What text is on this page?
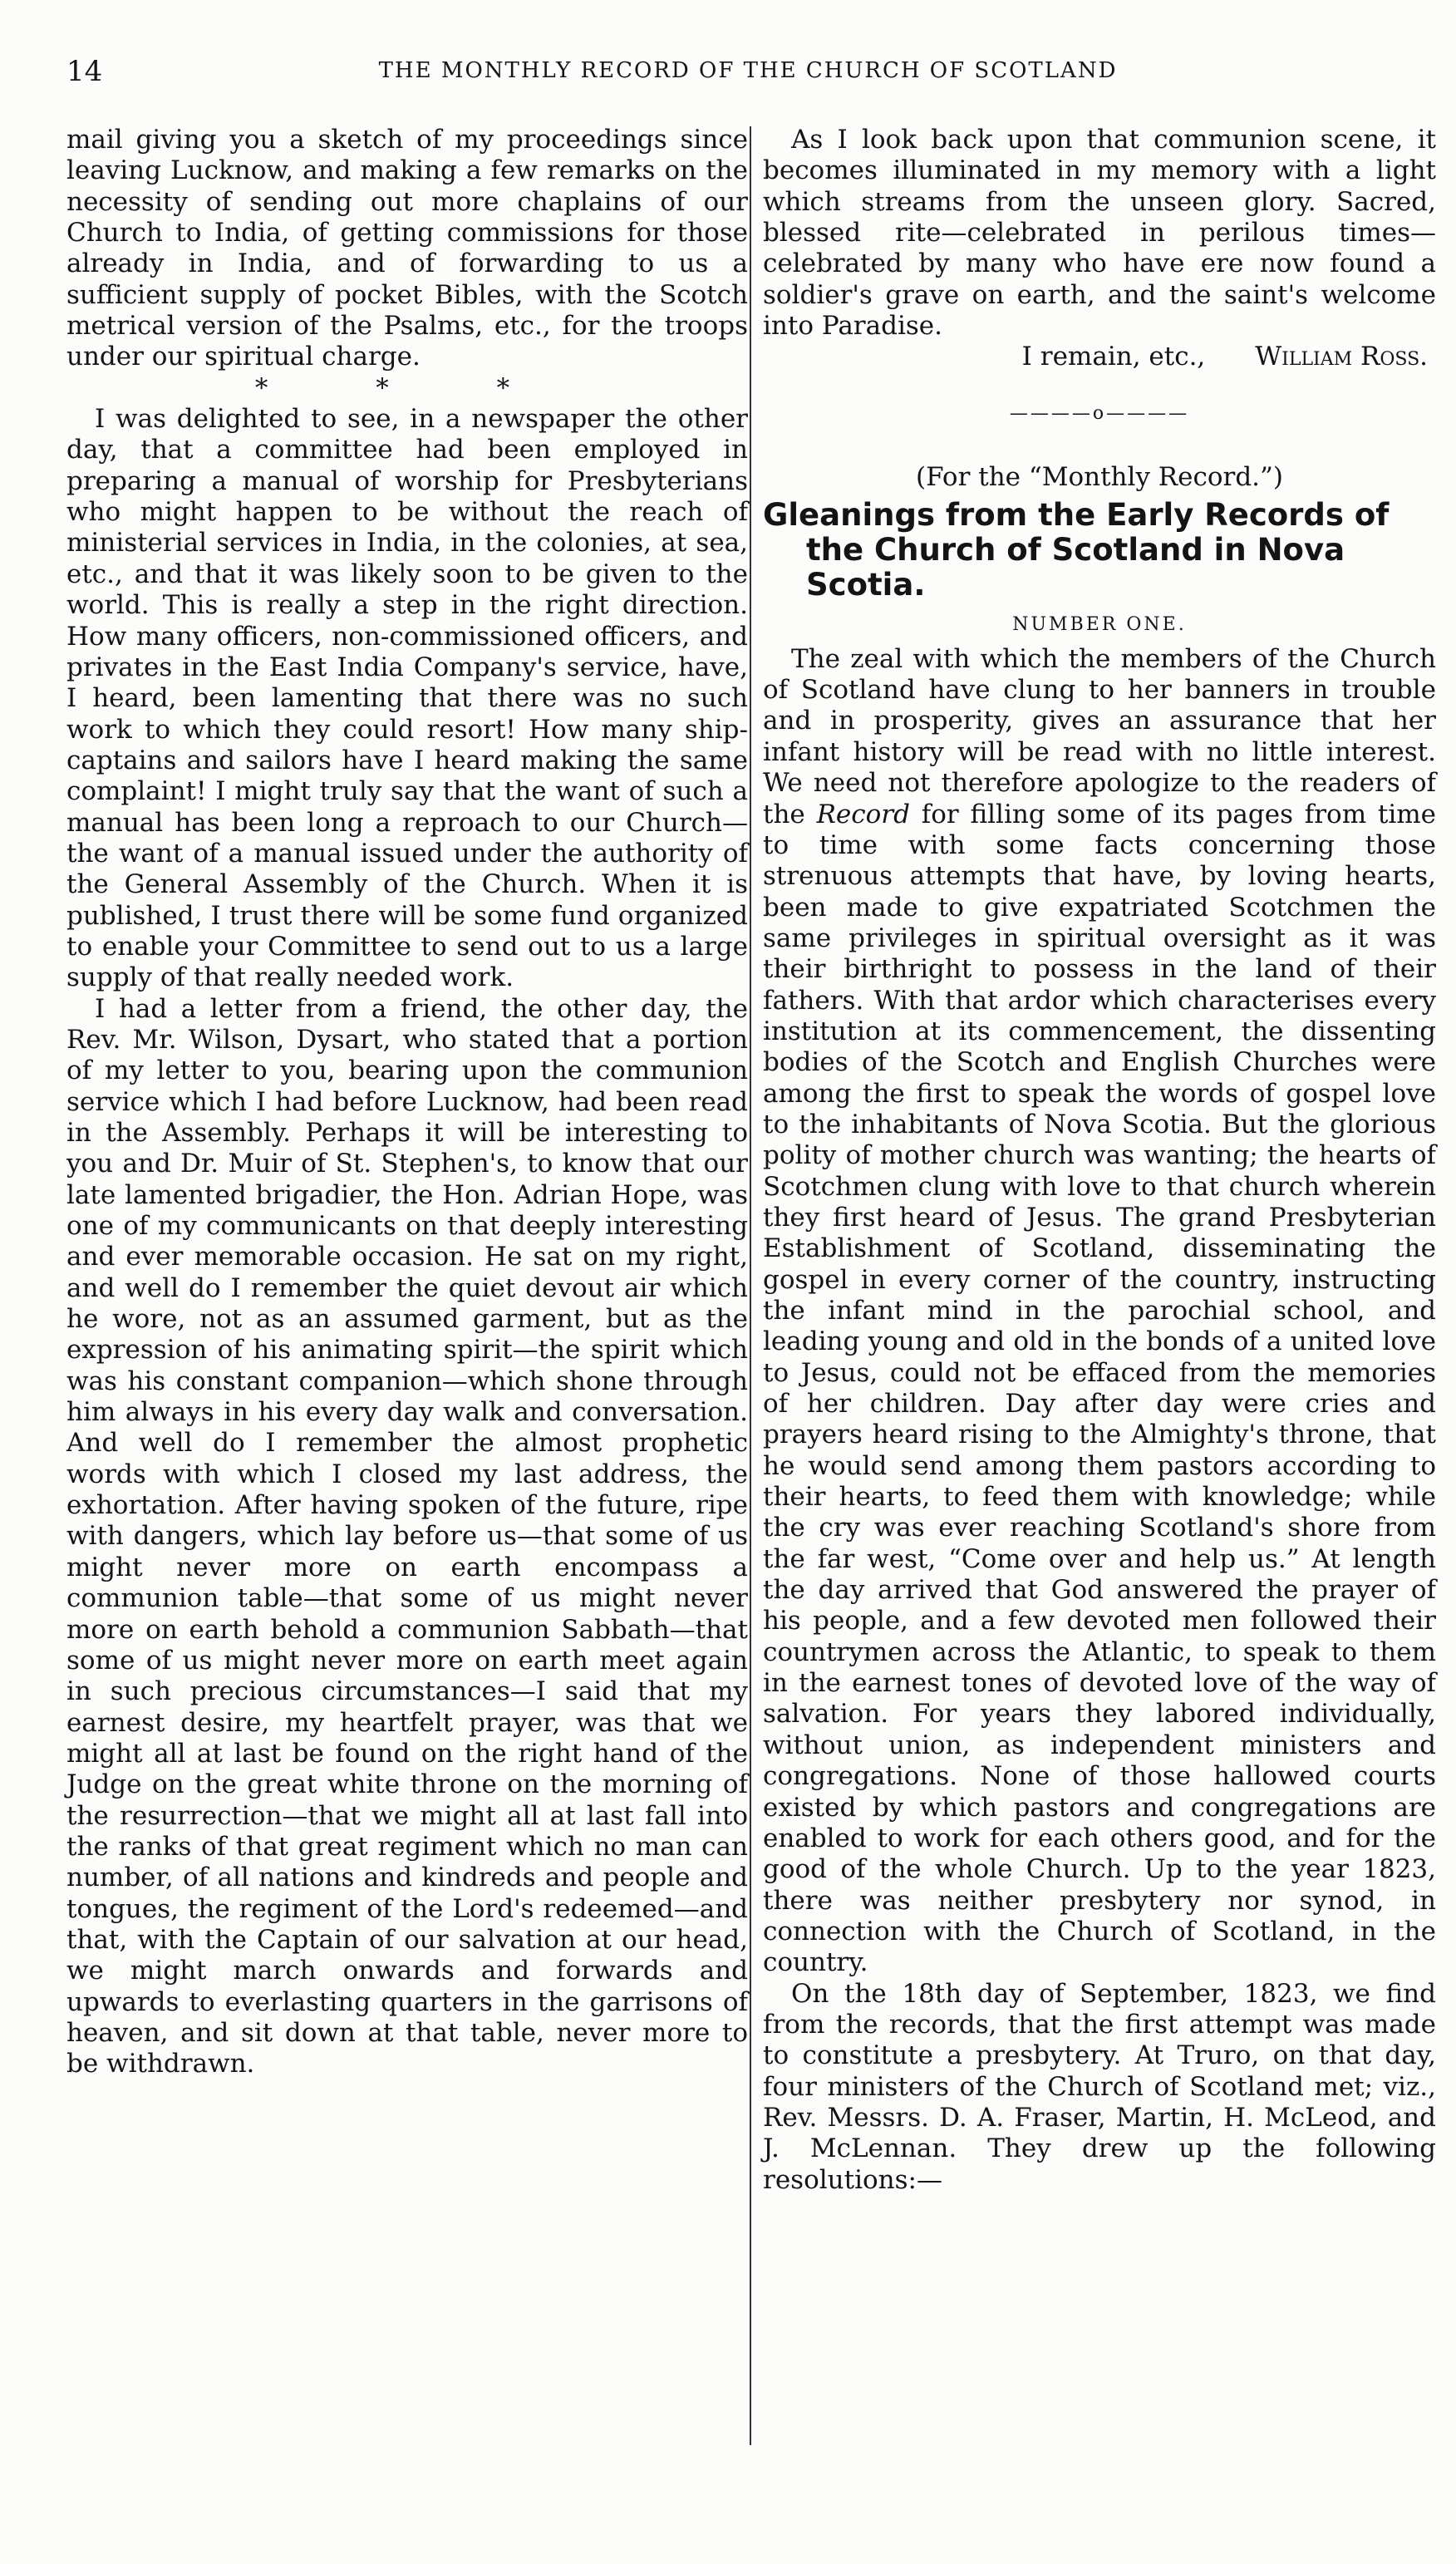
14	THE MONTHLY RECORD OF THE CHURCH OF SCOTLAND

mail giving you a sketch of my proceedings since leaving Lucknow, and making a few remarks on the necessity of sending out more chaplains of our Church to India, of getting commissions for those already in India, and of forwarding to us a sufficient supply of pocket Bibles, with the Scotch metrical version of the Psalms, etc., for the troops under our spiritual charge.

* * *

I was delighted to see, in a newspaper the other day, that a committee had been employed in preparing a manual of worship for Presbyterians who might happen to be without the reach of ministerial services in India, in the colonies, at sea, etc., and that it was likely soon to be given to the world. This is really a step in the right direction. How many officers, non-commissioned officers, and privates in the East India Company's service, have, I heard, been lamenting that there was no such work to which they could resort! How many ship-captains and sailors have I heard making the same complaint! I might truly say that the want of such a manual has been long a reproach to our Church—the want of a manual issued under the authority of the General Assembly of the Church. When it is published, I trust there will be some fund organized to enable your Committee to send out to us a large supply of that really needed work.

I had a letter from a friend, the other day, the Rev. Mr. Wilson, Dysart, who stated that a portion of my letter to you, bearing upon the communion service which I had before Lucknow, had been read in the Assembly. Perhaps it will be interesting to you and Dr. Muir of St. Stephen's, to know that our late lamented brigadier, the Hon. Adrian Hope, was one of my communicants on that deeply interesting and ever memorable occasion. He sat on my right, and well do I remember the quiet devout air which he wore, not as an assumed garment, but as the expression of his animating spirit—the spirit which was his constant companion—which shone through him always in his every day walk and conversation. And well do I remember the almost prophetic words with which I closed my last address, the exhortation. After having spoken of the future, ripe with dangers, which lay before us—that some of us might never more on earth encompass a communion table—that some of us might never more on earth behold a communion Sabbath—that some of us might never more on earth meet again in such precious circumstances—I said that my earnest desire, my heartfelt prayer, was that we might all at last be found on the right hand of the Judge on the great white throne on the morning of the resurrection—that we might all at last fall into the ranks of that great regiment which no man can number, of all nations and kindreds and people and tongues, the regiment of the Lord's redeemed—and that, with the Captain of our salvation at our head, we might march onwards and forwards and upwards to everlasting quarters in the garrisons of heaven, and sit down at that table, never more to be withdrawn.

As I look back upon that communion scene, it becomes illuminated in my memory with a light which streams from the unseen glory. Sacred, blessed rite—celebrated in perilous times—celebrated by many who have ere now found a soldier's grave on earth, and the saint's welcome into Paradise.

I remain, etc., William Ross.
————o————
(For the “Monthly Record.”)
Gleanings from the Early Records of the Church of Scotland in Nova Scotia.
NUMBER ONE.

The zeal with which the members of the Church of Scotland have clung to her banners in trouble and in prosperity, gives an assurance that her infant history will be read with no little interest. We need not therefore apologize to the readers of the Record for filling some of its pages from time to time with some facts concerning those strenuous attempts that have, by loving hearts, been made to give expatriated Scotchmen the same privileges in spiritual oversight as it was their birthright to possess in the land of their fathers. With that ardor which characterises every institution at its commencement, the dissenting bodies of the Scotch and English Churches were among the first to speak the words of gospel love to the inhabitants of Nova Scotia. But the glorious polity of mother church was wanting; the hearts of Scotchmen clung with love to that church wherein they first heard of Jesus. The grand Presbyterian Establishment of Scotland, disseminating the gospel in every corner of the country, instructing the infant mind in the parochial school, and leading young and old in the bonds of a united love to Jesus, could not be effaced from the memories of her children. Day after day were cries and prayers heard rising to the Almighty's throne, that he would send among them pastors according to their hearts, to feed them with knowledge; while the cry was ever reaching Scotland's shore from the far west, “Come over and help us.” At length the day arrived that God answered the prayer of his people, and a few devoted men followed their countrymen across the Atlantic, to speak to them in the earnest tones of devoted love of the way of salvation. For years they labored individually, without union, as independent ministers and congregations. None of those hallowed courts existed by which pastors and congregations are enabled to work for each others good, and for the good of the whole Church. Up to the year 1823, there was neither presbytery nor synod, in connection with the Church of Scotland, in the country.

On the 18th day of September, 1823, we find from the records, that the first attempt was made to constitute a presbytery. At Truro, on that day, four ministers of the Church of Scotland met; viz., Rev. Messrs. D. A. Fraser, Martin, H. McLeod, and J. McLennan. They drew up the following resolutions:—
